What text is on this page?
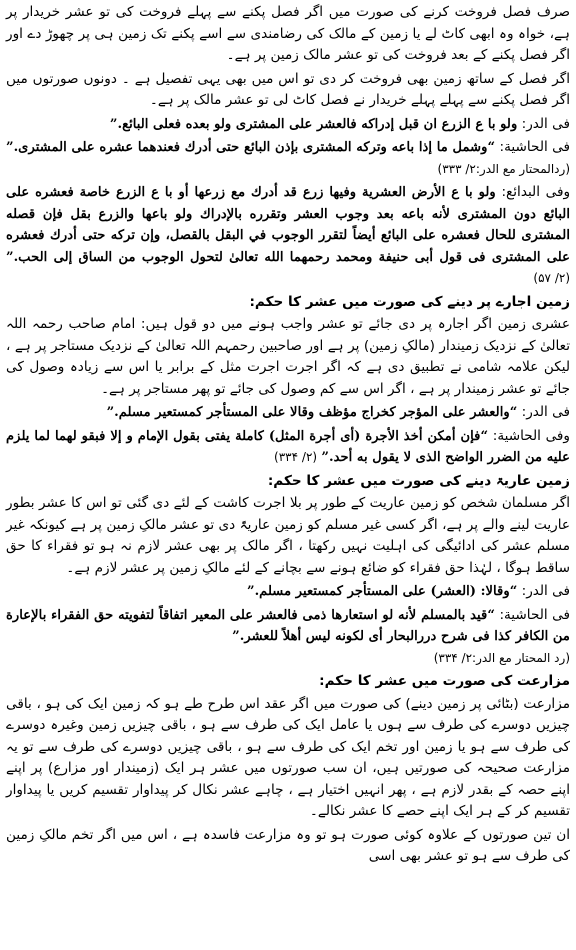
صرف فصل فروخت کرنے کی صورت میں اگر فصل پکنے سے پہلے فروخت کی تو عشر خریدار پر ہے، خواہ وہ ابھی کاٹ لے یا زمین کے مالک کی رضامندی سے اسے پکنے تک زمین ہی پر چھوڑ دے اور اگر فصل پکنے کے بعد فروخت کی تو عشر مالک زمین پر ہے۔

اگر فصل کے ساتھ زمین بھی فروخت کر دی تو اس میں بھی یہی تفصیل ہے ۔ دونوں صورتوں میں اگر فصل پکنے سے پہلے پہلے خریدار نے فصل کاٹ لی تو عشر مالک پر ہے۔

فی الدر: ولو با ع الزرع ان قبل إدراكه فالعشر علی المشتری ولو بعده فعلی البائع.”

فی الحاشیة: “وشمل ما إذا باعه وتركه المشتری بإذن البائع حتی أدرك فعندهما عشره علی المشتری.” (ردالمحتار مع الدر:۲/ ۳۳۳)

وفی البدائع: ولو با ع الأرض العشرية وفيها زرع قد أدرك مع زرعها أو با ع الزرع خاصة فعشره علی البائع دون المشتری لأنه باعه بعد وجوب العشر وتقرره بالإدراك ولو باعها والزرع بقل فإن قصله المشتری للحال فعشره علی البائع أيضاً لتقرر الوجوب في البقل بالقصل، وإن تركه حتی أدرك فعشره علی المشتری فی قول أبی حنيفة ومحمد رحمهما الله تعالیٰ لتحول الوجوب من الساق إلی الحب.” (۲/ ۵۷)

زمین اجارے پر دینے کی صورت میں عشر کا حکم:

عشری زمین اگر اجارہ پر دی جائے تو عشر واجب ہونے میں دو قول ہیں: امام صاحب رحمہ اللہ تعالیٰ کے نزدیک زمیندار (مالکِ زمین) پر ہے اور صاحبین رحمہم اللہ تعالیٰ کے نزدیک مستاجر پر ہے ، لیکن علامہ شامی نے تطبیق دی ہے کہ اگر اجرت اجرت مثل کے برابر یا اس سے زیادہ وصول کی جائے تو عشر زمیندار پر ہے ، اگر اس سے کم وصول کی جائے تو پھر مستاجر پر ہے۔

فی الدر: “والعشر علی المؤجر كخراج مؤظف وقالا علی المستأجر كمستعير مسلم.”

وفی الحاشیة: “فإن أمكن أخذ الأجرة (أی أجرة المثل) كاملة يفتی بقول الإمام و إلا فبقو لهما لما يلزم عليه من الضرر الواضح الذی لا يقول به أحد.” (۲/ ۳۳۴)

زمین عاریۃ دینے کی صورت میں عشر کا حکم:

اگر مسلمان شخص کو زمین عاریت کے طور پر بلا اجرت کاشت کے لئے دی گئی تو اس کا عشر بطور عاریت لینے والے پر ہے، اگر کسی غیر مسلم کو زمین عاریۃً دی تو عشر مالکِ زمین پر ہے کیونکہ غیر مسلم عشر کی ادائیگی کی اہلیت نہیں رکھتا ، اگر مالک پر بھی عشر لازم نہ ہو تو فقراء کا حق ساقط ہوگا ، لہٰذا حق فقراء کو ضائع ہونے سے بچانے کے لئے مالکِ زمین پر عشر لازم ہے۔

فی الدر: “وقالا: (العشر) علی المستأجر كمستعير مسلم.”

فی الحاشیة: “قيد بالمسلم لأنه لو استعارها ذمی فالعشر علی المعير اتفاقاً لتفويته حق الفقراء بالإعارة من الكافر كذا فی شرح دررالبحار أی لكونه ليس أهلاً للعشر.”
(رد المحتار مع الدر:۲/ ۳۳۴)

مزارعت کی صورت میں عشر کا حکم:

مزارعت (بٹائی پر زمین دینے) کی صورت میں اگر عقد اس طرح طے ہو کہ زمین ایک کی ہو ، باقی چیزیں دوسرے کی طرف سے ہوں یا عامل ایک کی طرف سے ہو ، باقی چیزیں زمین وغیرہ دوسرے کی طرف سے ہو یا زمین اور تخم ایک کی طرف سے ہو ، باقی چیزیں دوسرے کی طرف سے تو یہ مزارعت صحیحہ کی صورتیں ہیں، ان سب صورتوں میں عشر ہر ایک (زمیندار اور مزارع) پر اپنے اپنے حصہ کے بقدر لازم ہے ، پھر انہیں اختیار ہے ، چاہے عشر نکال کر پیداوار تقسیم کریں یا پیداوار تقسیم کر کے ہر ایک اپنے حصے کا عشر نکالے۔

ان تین صورتوں کے علاوہ کوئی صورت ہو تو وہ مزارعت فاسدہ ہے ، اس میں اگر تخم مالکِ زمین کی طرف سے ہو تو عشر بھی اسی
